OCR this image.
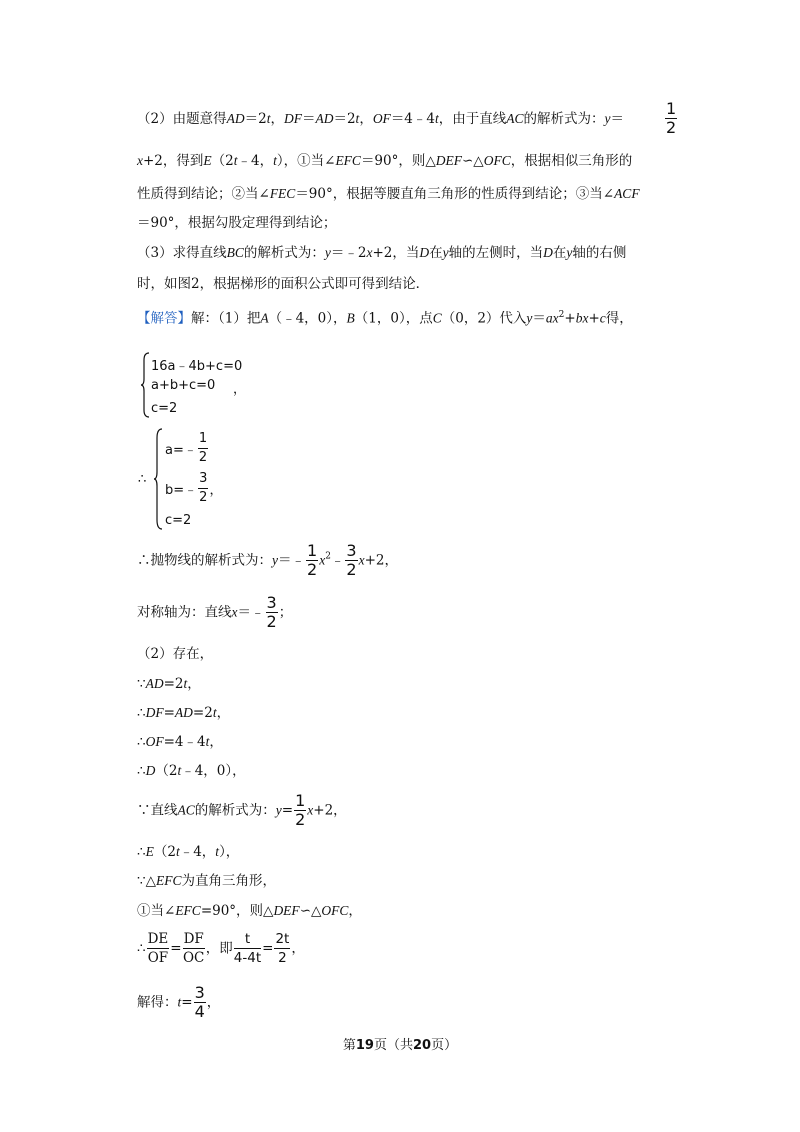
（2）由题意得AD＝2t，DF＝AD＝2t，OF＝4﹣4t，由于直线AC的解析式为：y＝	$\frac{1}{2}$
x+2，得到E（2t﹣4，t），①当∠EFC＝90°，则△DEF∽△OFC，根据相似三角形的
性质得到结论；②当∠FEC＝90°，根据等腰直角三角形的性质得到结论；③当∠ACF
＝90°，根据勾股定理得到结论；
（3）求得直线BC的解析式为：y＝﹣2x+2，当D在y轴的左侧时，当D在y轴的右侧
时，如图2，根据梯形的面积公式即可得到结论．
【解答】解：（1）把A（﹣4，0），B（1，0），点C（0，2）代入$y=ax^2+bx+c$得，
16a﹣4b+c=0
a+b+c=0
c=2
，
∴
a=﹣ $\frac{1}{2}$
b=﹣ $\frac{3}{2}$ ，
c=2
∴抛物线的解析式为：y＝﹣ $\frac{1}{2}$ $x^2﹣ \frac{3}{2} x+2$，
对称轴为：直线x＝﹣ $\frac{3}{2}$ ；
（2）存在，
∵AD=2t，
∴DF=AD=2t，
∴OF=4﹣4t，
∴D（2t﹣4，0），
∵直线AC的解析式为：$y= \frac{1}{2} x+2$，
∴E（2t﹣4，t），
∵△EFC为直角三角形，
①当∠EFC=90°，则△DEF∽△OFC，
∴ $\frac{DE}{OF} = \frac{DF}{OC}$ ，即 $\frac{t}{4-4t} = \frac{2t}{2}$ ，
解得：$t= \frac{3}{4}$ ，
第19页（共20页）
